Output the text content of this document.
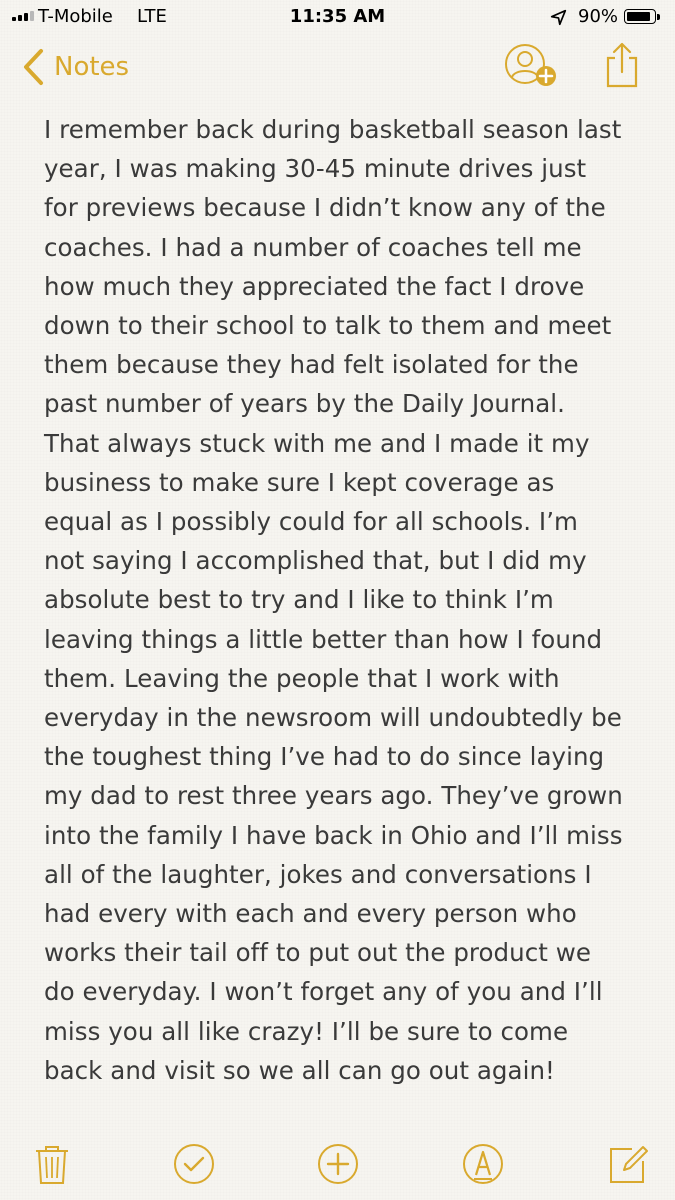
T-Mobile LTE	11:35 AM	90%
Notes
I remember back during basketball season last
year, I was making 30-45 minute drives just
for previews because I didn’t know any of the
coaches. I had a number of coaches tell me
how much they appreciated the fact I drove
down to their school to talk to them and meet
them because they had felt isolated for the
past number of years by the Daily Journal.
That always stuck with me and I made it my
business to make sure I kept coverage as
equal as I possibly could for all schools. I’m
not saying I accomplished that, but I did my
absolute best to try and I like to think I’m
leaving things a little better than how I found
them. Leaving the people that I work with
everyday in the newsroom will undoubtedly be
the toughest thing I’ve had to do since laying
my dad to rest three years ago. They’ve grown
into the family I have back in Ohio and I’ll miss
all of the laughter, jokes and conversations I
had every with each and every person who
works their tail off to put out the product we
do everyday. I won’t forget any of you and I’ll
miss you all like crazy! I’ll be sure to come
back and visit so we all can go out again!
